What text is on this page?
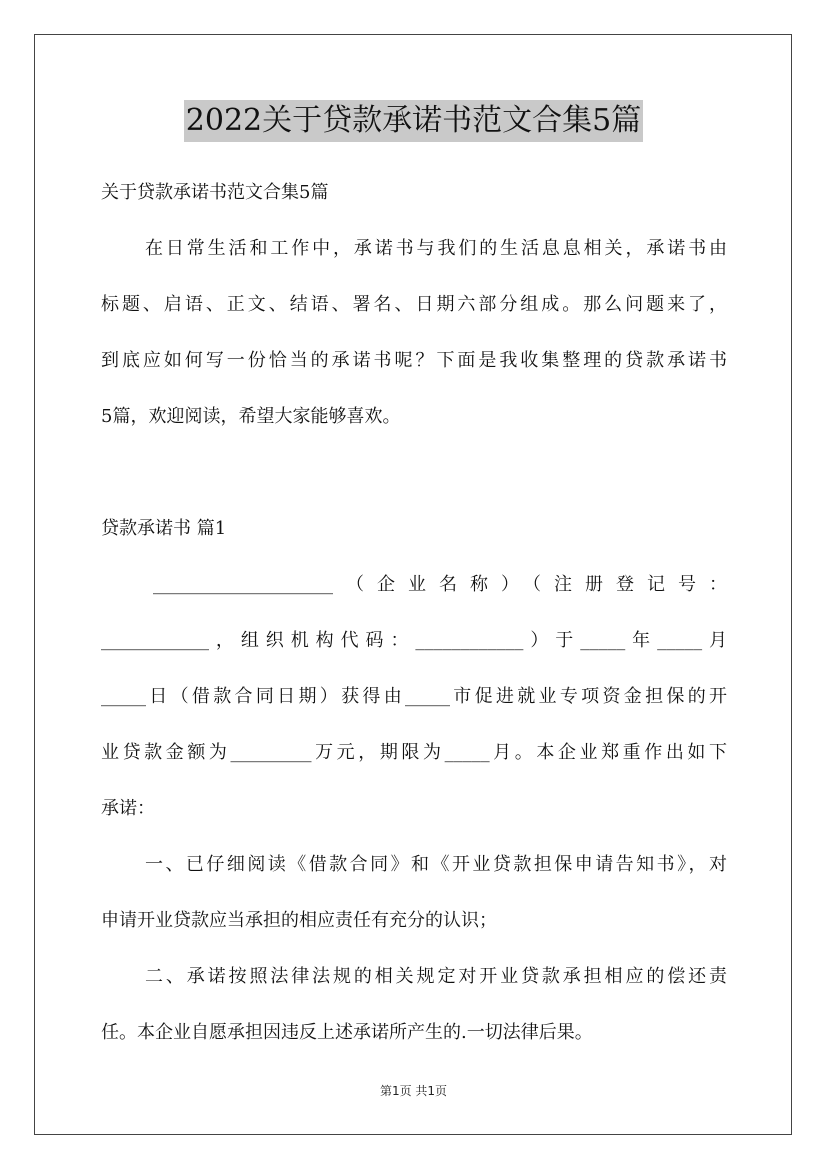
2022关于贷款承诺书范文合集5篇
关于贷款承诺书范文合集5篇
在日常生活和工作中，承诺书与我们的生活息息相关，承诺书由
标题、启语、正文、结语、署名、日期六部分组成。那么问题来了，
到底应如何写一份恰当的承诺书呢？下面是我收集整理的贷款承诺书
5篇，欢迎阅读，希望大家能够喜欢。
贷款承诺书 篇1
____________________（企业名称）（注册登记号：
____________，组织机构代码：____________）于_____年_____月
_____日（借款合同日期）获得由_____市促进就业专项资金担保的开
业贷款金额为_________万元，期限为_____月。本企业郑重作出如下
承诺：
一、已仔细阅读《借款合同》和《开业贷款担保申请告知书》，对
申请开业贷款应当承担的相应责任有充分的认识；
二、承诺按照法律法规的相关规定对开业贷款承担相应的偿还责
任。本企业自愿承担因违反上述承诺所产生的.一切法律后果。
第1页 共1页
